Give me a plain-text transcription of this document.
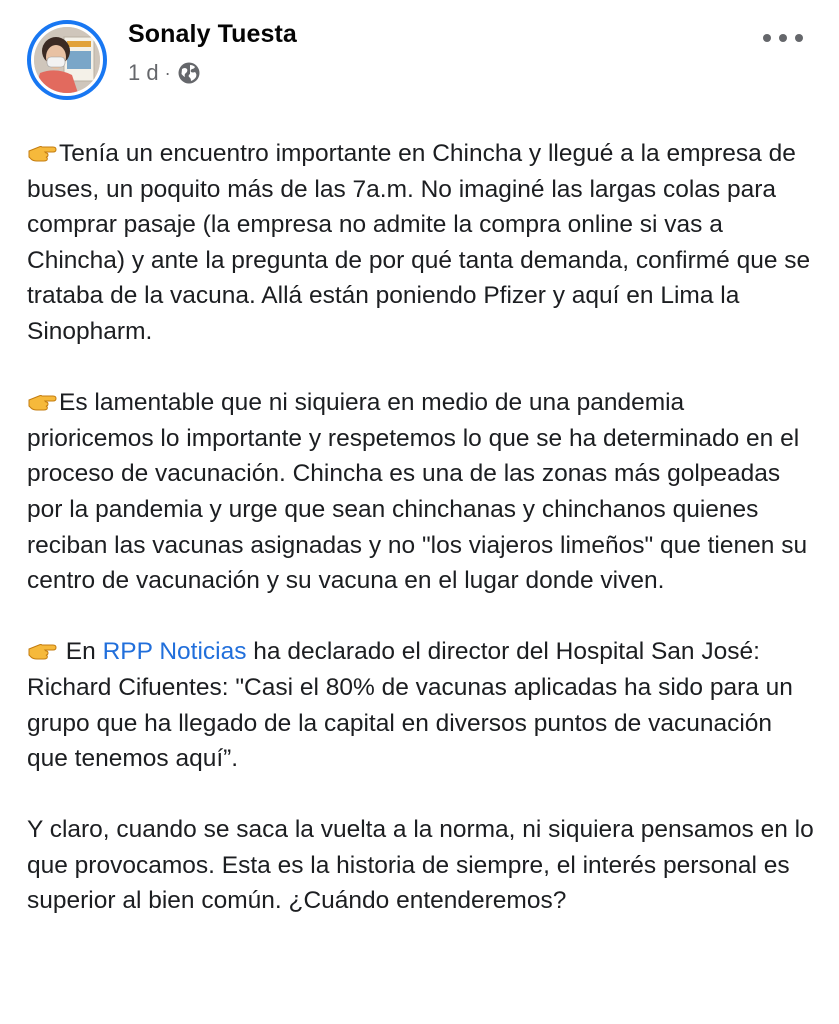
Sonaly Tuesta
1 d ·

Tenía un encuentro importante en Chincha y llegué a la empresa de buses, un poquito más de las 7a.m. No imaginé las largas colas para comprar pasaje (la empresa no admite la compra online si vas a Chincha) y ante la pregunta de por qué tanta demanda, confirmé que se trataba de la vacuna. Allá están poniendo Pfizer y aquí en Lima la Sinopharm.

Es lamentable que ni siquiera en medio de una pandemia prioricemos lo importante y respetemos lo que se ha determinado en el proceso de vacunación. Chincha es una de las zonas más golpeadas por la pandemia y urge que sean chinchanas y chinchanos quienes reciban las vacunas asignadas y no "los viajeros limeños" que tienen su centro de vacunación y su vacuna en el lugar donde viven.

En RPP Noticias ha declarado el director del Hospital San José: Richard Cifuentes: "Casi el 80% de vacunas aplicadas ha sido para un grupo que ha llegado de la capital en diversos puntos de vacunación que tenemos aquí”.

Y claro, cuando se saca la vuelta a la norma, ni siquiera pensamos en lo que provocamos. Esta es la historia de siempre, el interés personal es superior al bien común. ¿Cuándo entenderemos?
